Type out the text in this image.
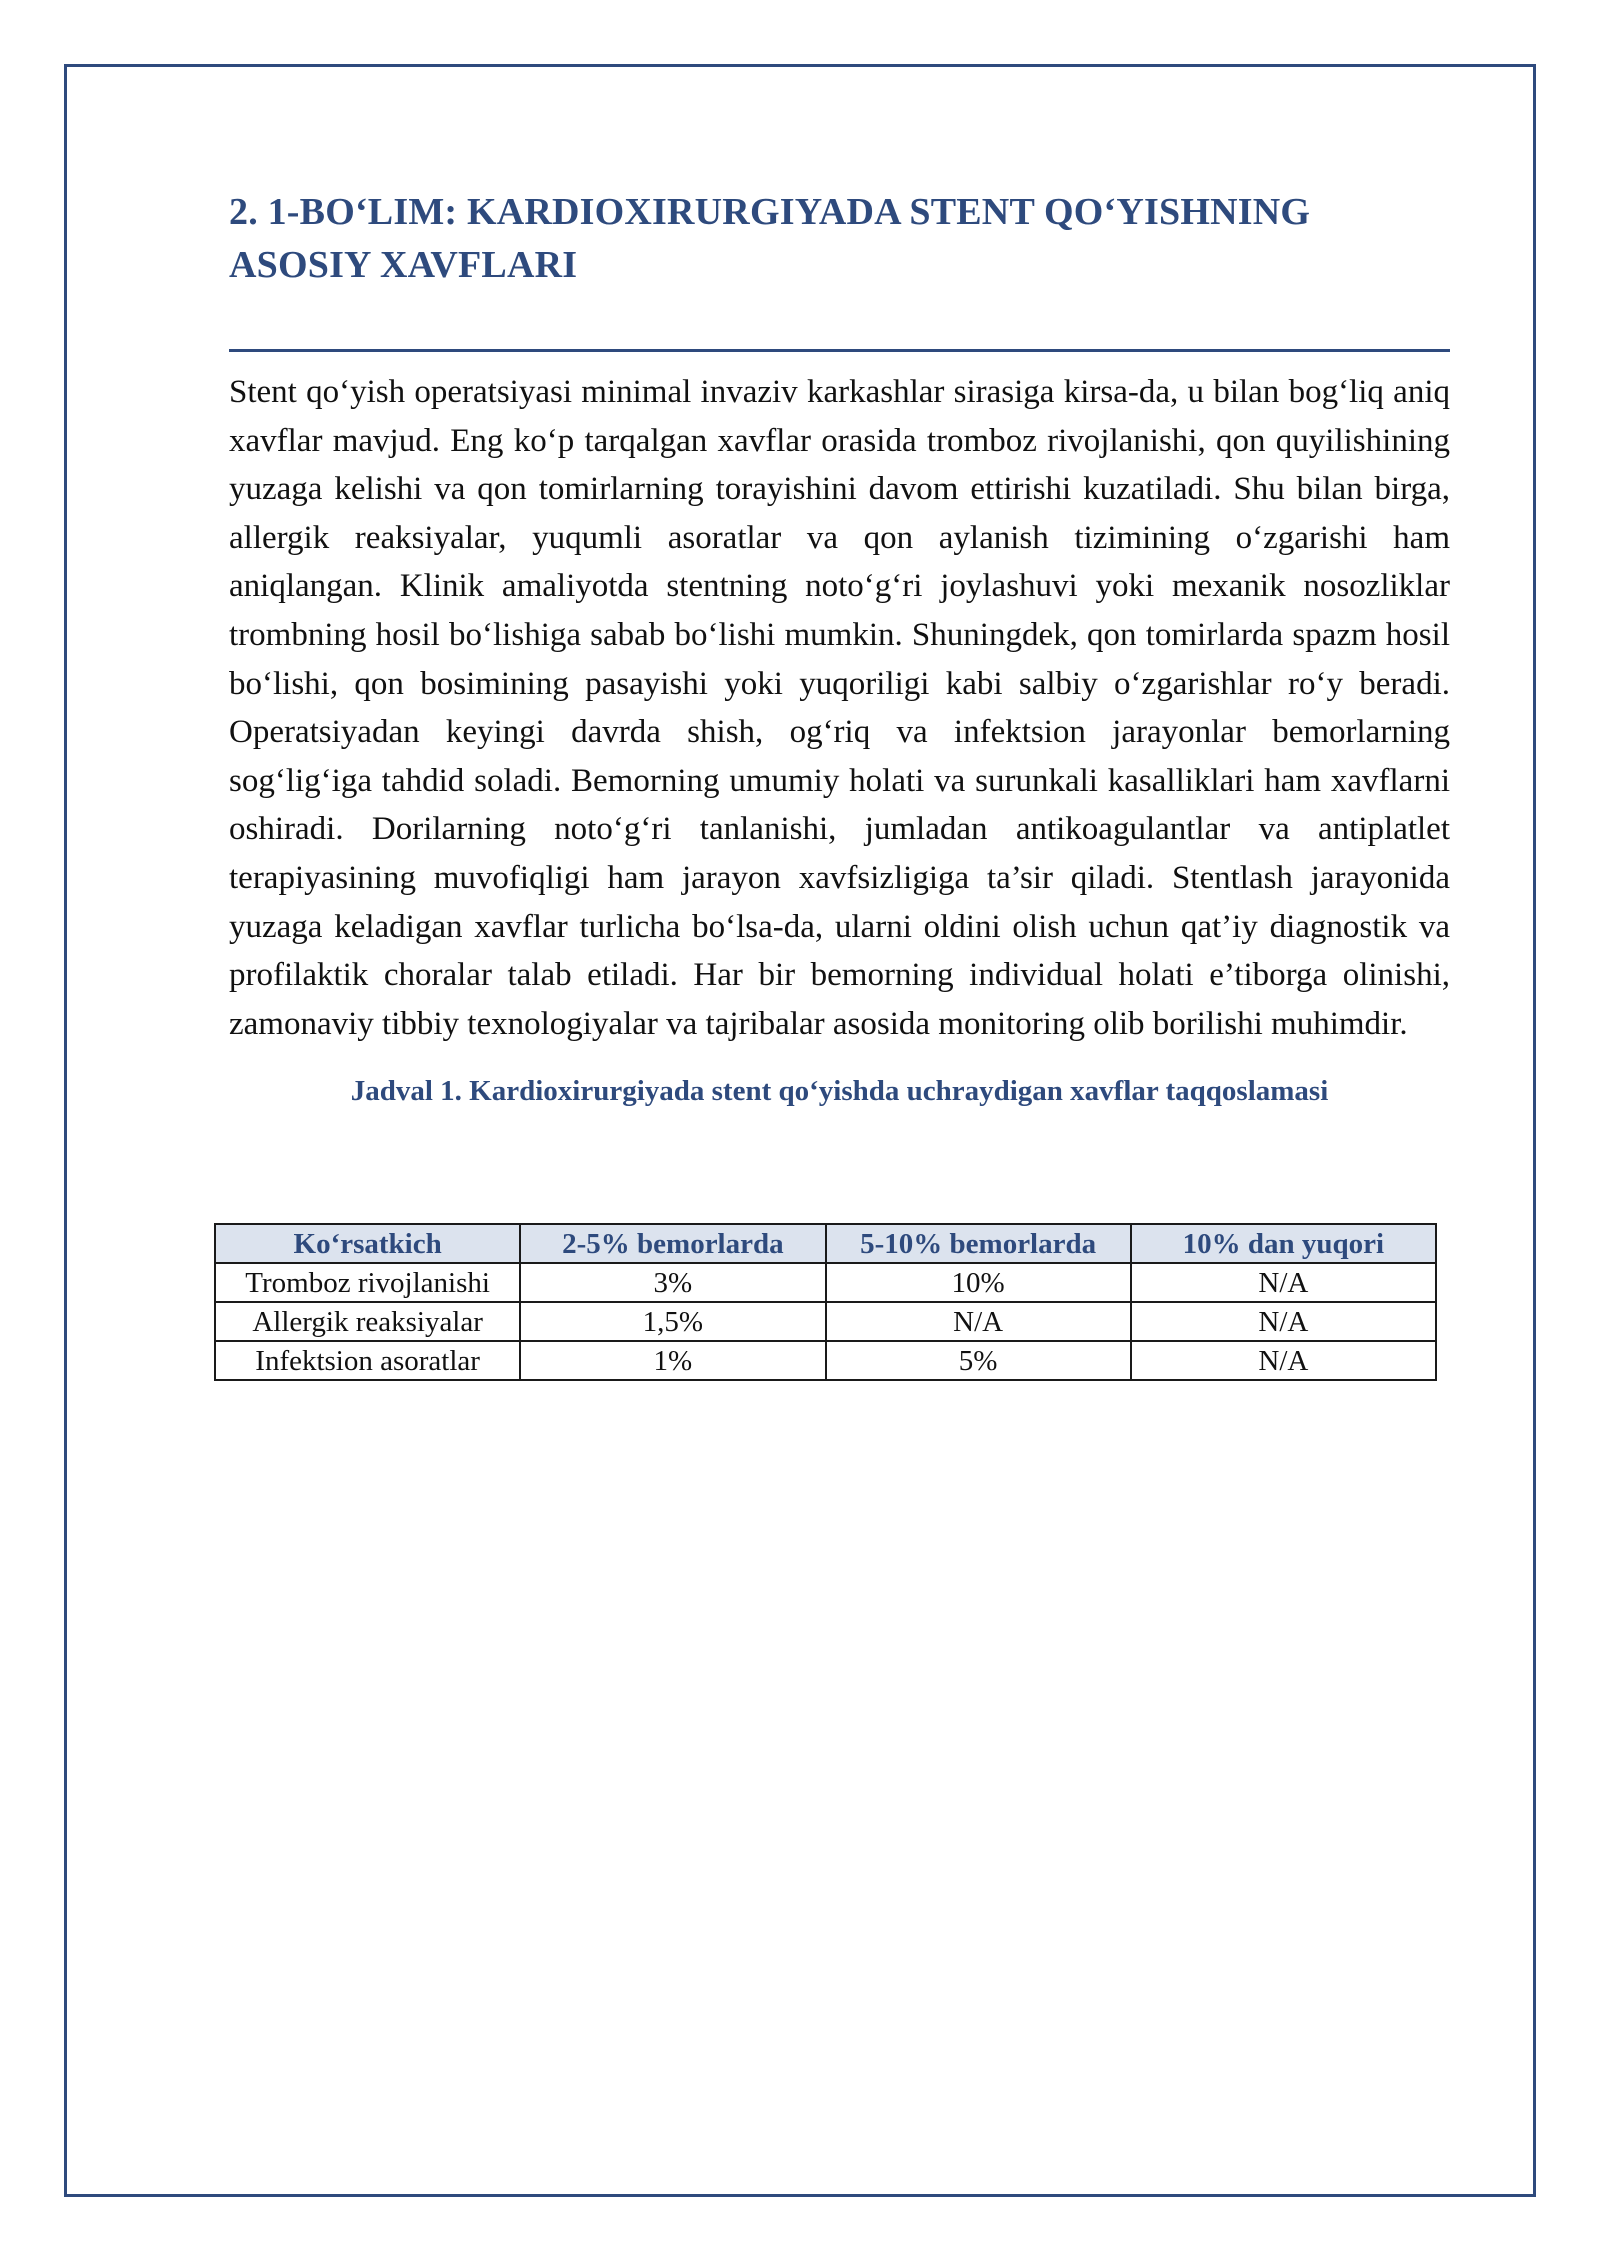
2. 1-BO‘LIM: KARDIOXIRURGIYADA STENT QO‘YISHNING ASOSIY XAVFLARI

Stent qo‘yish operatsiyasi minimal invaziv karkashlar sirasiga kirsa-da, u bilan bog‘liq aniq xavflar mavjud. Eng ko‘p tarqalgan xavflar orasida tromboz rivojlanishi, qon quyilishining yuzaga kelishi va qon tomirlarning torayishini davom ettirishi kuzatiladi. Shu bilan birga, allergik reaksiyalar, yuqumli asoratlar va qon aylanish tizimining o‘zgarishi ham aniqlangan. Klinik amaliyotda stentning noto‘g‘ri joylashuvi yoki mexanik nosozliklar trombning hosil bo‘lishiga sabab bo‘lishi mumkin. Shuningdek, qon tomirlarda spazm hosil bo‘lishi, qon bosimining pasayishi yoki yuqoriligi kabi salbiy o‘zgarishlar ro‘y beradi. Operatsiyadan keyingi davrda shish, og‘riq va infektsion jarayonlar bemorlarning sog‘lig‘iga tahdid soladi. Bemorning umumiy holati va surunkali kasalliklari ham xavflarni oshiradi. Dorilarning noto‘g‘ri tanlanishi, jumladan antikoagulantlar va antiplatlet terapiyasining muvofiqligi ham jarayon xavfsizligiga ta’sir qiladi. Stentlash jarayonida yuzaga keladigan xavflar turlicha bo‘lsa-da, ularni oldini olish uchun qat’iy diagnostik va profilaktik choralar talab etiladi. Har bir bemorning individual holati e’tiborga olinishi, zamonaviy tibbiy texnologiyalar va tajribalar asosida monitoring olib borilishi muhimdir.

Jadval 1. Kardioxirurgiyada stent qo‘yishda uchraydigan xavflar taqqoslamasi
Ko‘rsatkich	2-5% bemorlarda	5-10% bemorlarda	10% dan yuqori
Tromboz rivojlanishi	3%	10%	N/A
Allergik reaksiyalar	1,5%	N/A	N/A
Infektsion asoratlar	1%	5%	N/A
